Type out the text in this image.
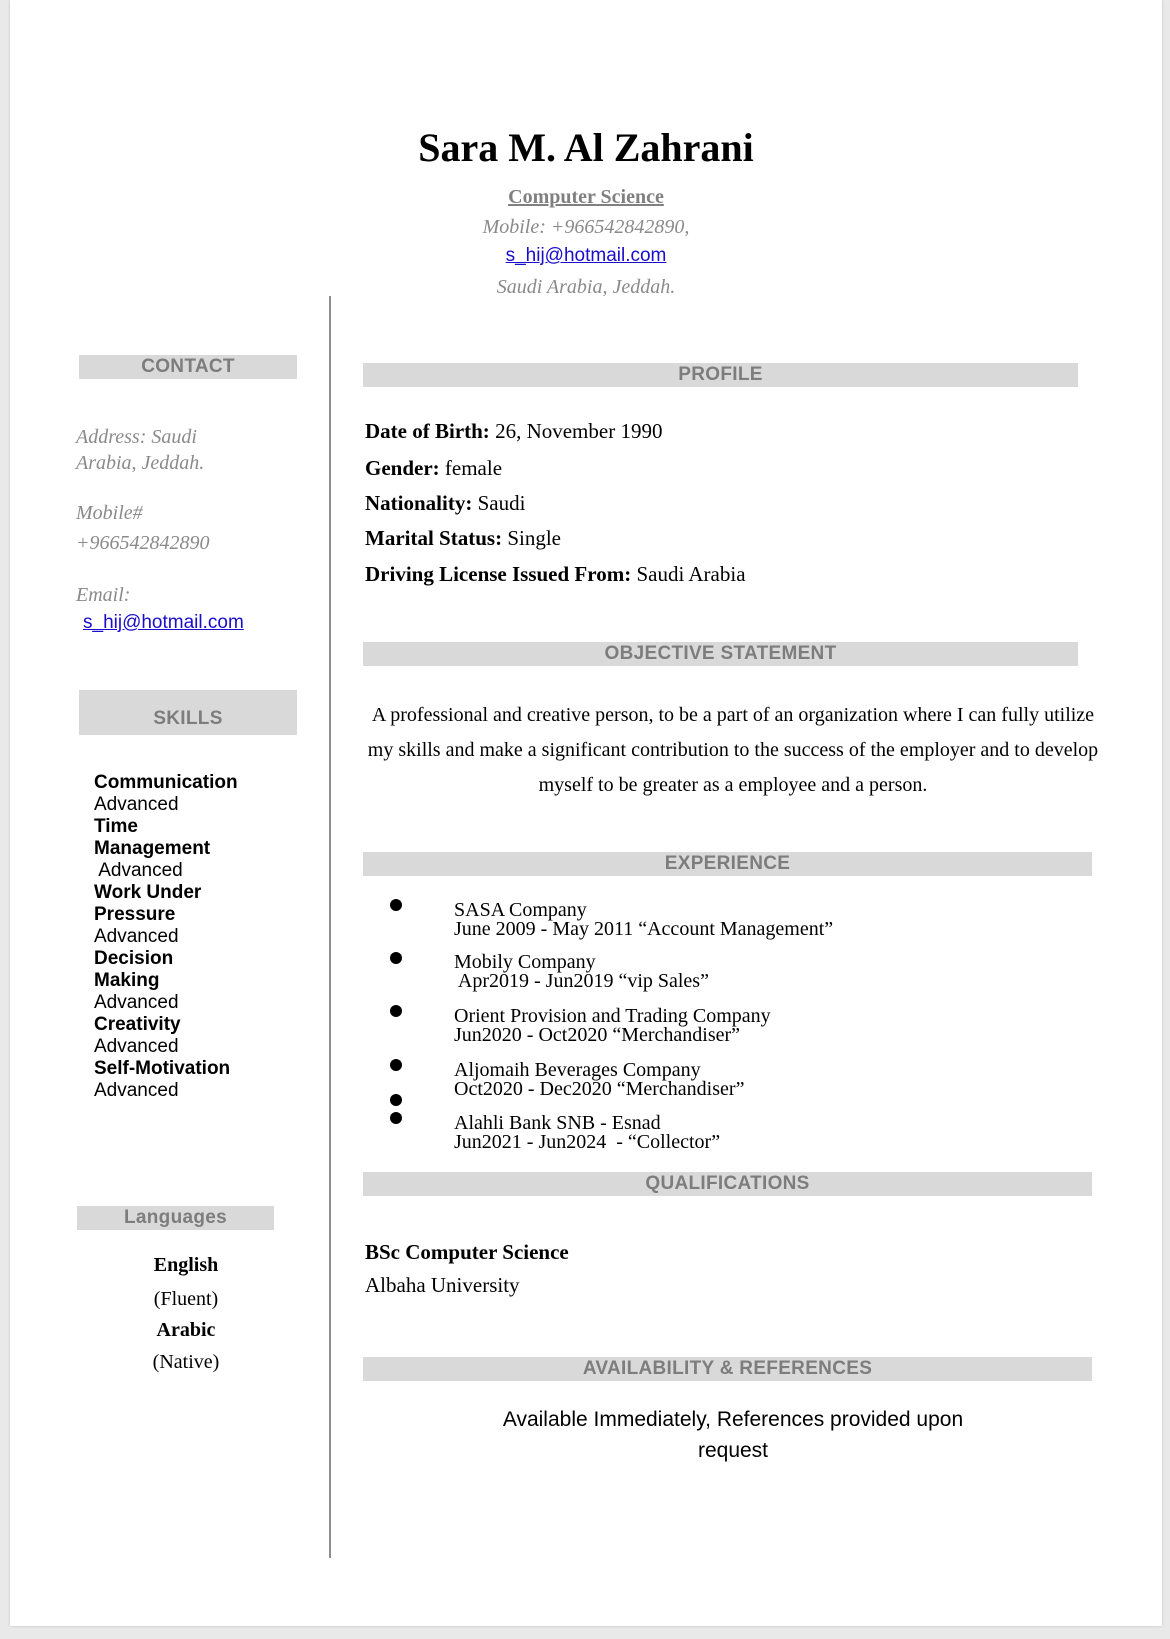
Sara M. Al Zahrani
Computer Science
Mobile: +966542842890,
s_hij@hotmail.com
Saudi Arabia, Jeddah.
CONTACT
Address: Saudi
Arabia, Jeddah.
Mobile#
+966542842890
Email:
s_hij@hotmail.com
SKILLS
Communication
Advanced
Time
Management
Advanced
Work Under
Pressure
Advanced
Decision
Making
Advanced
Creativity
Advanced
Self-Motivation
Advanced
Languages
English
(Fluent)
Arabic
(Native)
PROFILE
Date of Birth: 26, November 1990
Gender: female
Nationality: Saudi
Marital Status: Single
Driving License Issued From: Saudi Arabia
OBJECTIVE STATEMENT
A professional and creative person, to be a part of an organization where I can fully utilize my skills and make a significant contribution to the success of the employer and to develop myself to be greater as a employee and a person.
EXPERIENCE
SASA Company
June 2009 - May 2011 “Account Management”
Mobily Company
Apr2019 - Jun2019 “vip Sales”
Orient Provision and Trading Company
Jun2020 - Oct2020 “Merchandiser”
Aljomaih Beverages Company
Oct2020 - Dec2020 “Merchandiser”
Alahli Bank SNB - Esnad
Jun2021 - Jun2024  - “Collector”
QUALIFICATIONS
BSc Computer Science
Albaha University
AVAILABILITY & REFERENCES
Available Immediately, References provided upon
request
